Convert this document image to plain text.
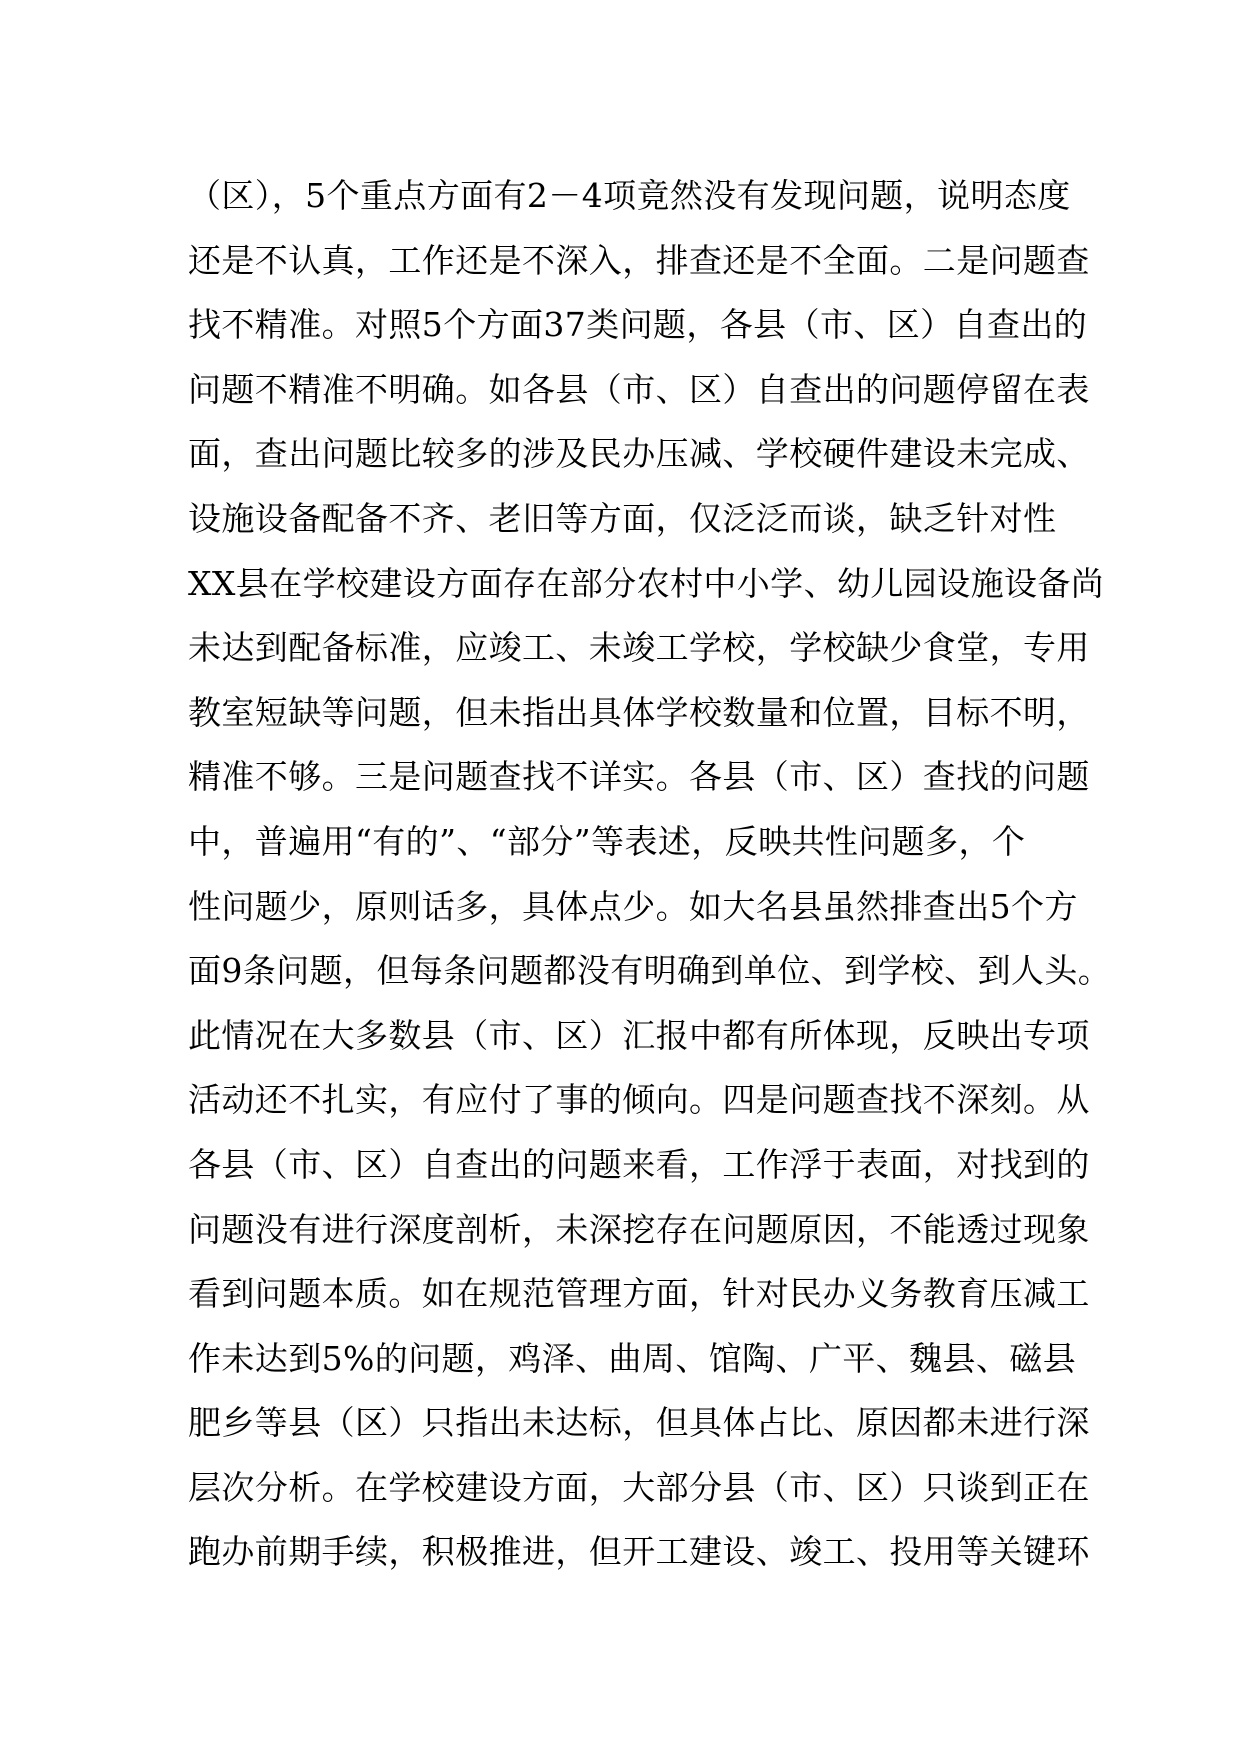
（区），5个重点方面有2－4项竟然没有发现问题，说明态度
还是不认真，工作还是不深入，排查还是不全面。二是问题查
找不精准。对照5个方面37类问题，各县（市、区）自查出的
问题不精准不明确。如各县（市、区）自查出的问题停留在表
面，查出问题比较多的涉及民办压减、学校硬件建设未完成、
设施设备配备不齐、老旧等方面，仅泛泛而谈，缺乏针对性
XX县在学校建设方面存在部分农村中小学、幼儿园设施设备尚
未达到配备标准，应竣工、未竣工学校，学校缺少食堂，专用
教室短缺等问题，但未指出具体学校数量和位置，目标不明，
精准不够。三是问题查找不详实。各县（市、区）查找的问题
中，普遍用“有的”、“部分”等表述，反映共性问题多，个
性问题少，原则话多，具体点少。如大名县虽然排查出5个方
面9条问题，但每条问题都没有明确到单位、到学校、到人头。
此情况在大多数县（市、区）汇报中都有所体现，反映出专项
活动还不扎实，有应付了事的倾向。四是问题查找不深刻。从
各县（市、区）自查出的问题来看，工作浮于表面，对找到的
问题没有进行深度剖析，未深挖存在问题原因，不能透过现象
看到问题本质。如在规范管理方面，针对民办义务教育压减工
作未达到5%的问题，鸡泽、曲周、馆陶、广平、魏县、磁县
肥乡等县（区）只指出未达标，但具体占比、原因都未进行深
层次分析。在学校建设方面，大部分县（市、区）只谈到正在
跑办前期手续，积极推进，但开工建设、竣工、投用等关键环
